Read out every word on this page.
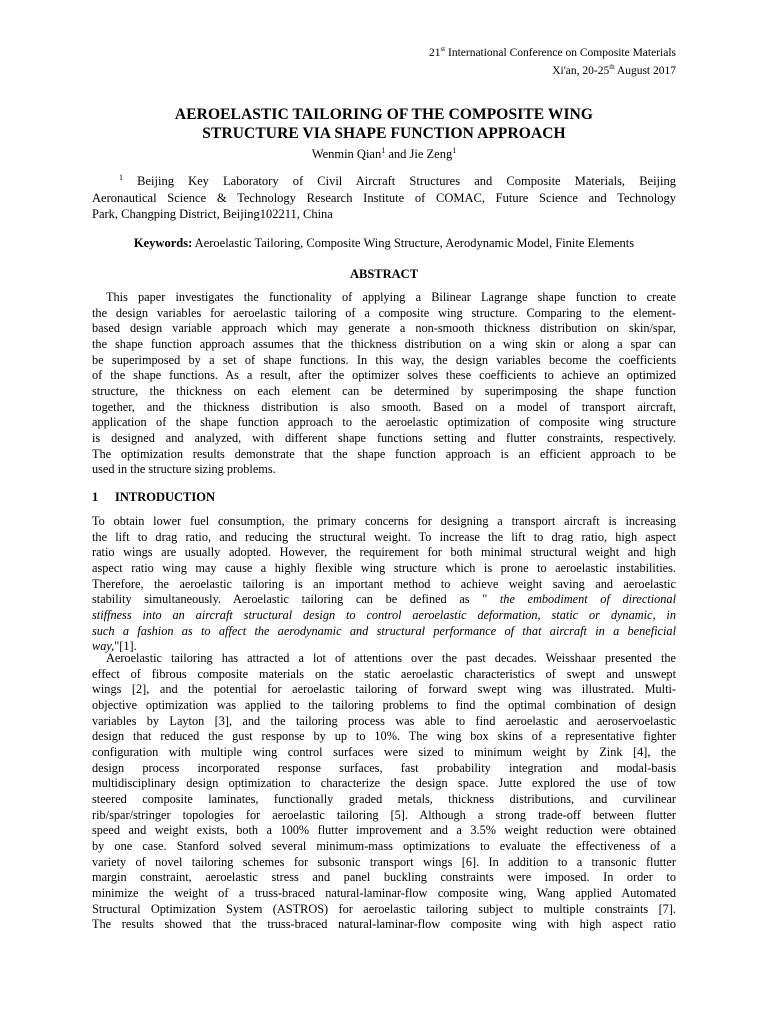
21st International Conference on Composite Materials
Xi'an, 20-25th August 2017
AEROELASTIC TAILORING OF THE COMPOSITE WING
STRUCTURE VIA SHAPE FUNCTION APPROACH
Wenmin Qian$^1$ and Jie Zeng$^1$
$^1$ Beijing Key Laboratory of Civil Aircraft Structures and Composite Materials, Beijing
Aeronautical Science & Technology Research Institute of COMAC, Future Science and Technology
Park, Changping District, Beijing102211, China
Keywords: Aeroelastic Tailoring, Composite Wing Structure, Aerodynamic Model, Finite Elements
ABSTRACT
This paper investigates the functionality of applying a Bilinear Lagrange shape function to create
the design variables for aeroelastic tailoring of a composite wing structure. Comparing to the element-
based design variable approach which may generate a non-smooth thickness distribution on skin/spar,
the shape function approach assumes that the thickness distribution on a wing skin or along a spar can
be superimposed by a set of shape functions. In this way, the design variables become the coefficients
of the shape functions. As a result, after the optimizer solves these coefficients to achieve an optimized
structure, the thickness on each element can be determined by superimposing the shape function
together, and the thickness distribution is also smooth. Based on a model of transport aircraft,
application of the shape function approach to the aeroelastic optimization of composite wing structure
is designed and analyzed, with different shape functions setting and flutter constraints, respectively.
The optimization results demonstrate that the shape function approach is an efficient approach to be
used in the structure sizing problems.
1 INTRODUCTION
To obtain lower fuel consumption, the primary concerns for designing a transport aircraft is increasing
the lift to drag ratio, and reducing the structural weight. To increase the lift to drag ratio, high aspect
ratio wings are usually adopted. However, the requirement for both minimal structural weight and high
aspect ratio wing may cause a highly flexible wing structure which is prone to aeroelastic instabilities.
Therefore, the aeroelastic tailoring is an important method to achieve weight saving and aeroelastic
stability simultaneously. Aeroelastic tailoring can be defined as " the embodiment of directional
stiffness into an aircraft structural design to control aeroelastic deformation, static or dynamic, in
such a fashion as to affect the aerodynamic and structural performance of that aircraft in a beneficial
way,"[1].
Aeroelastic tailoring has attracted a lot of attentions over the past decades. Weisshaar presented the
effect of fibrous composite materials on the static aeroelastic characteristics of swept and unswept
wings [2], and the potential for aeroelastic tailoring of forward swept wing was illustrated. Multi-
objective optimization was applied to the tailoring problems to find the optimal combination of design
variables by Layton [3], and the tailoring process was able to find aeroelastic and aeroservoelastic
design that reduced the gust response by up to 10%. The wing box skins of a representative fighter
configuration with multiple wing control surfaces were sized to minimum weight by Zink [4], the
design process incorporated response surfaces, fast probability integration and modal-basis
multidisciplinary design optimization to characterize the design space. Jutte explored the use of tow
steered composite laminates, functionally graded metals, thickness distributions, and curvilinear
rib/spar/stringer topologies for aeroelastic tailoring [5]. Although a strong trade-off between flutter
speed and weight exists, both a 100% flutter improvement and a 3.5% weight reduction were obtained
by one case. Stanford solved several minimum-mass optimizations to evaluate the effectiveness of a
variety of novel tailoring schemes for subsonic transport wings [6]. In addition to a transonic flutter
margin constraint, aeroelastic stress and panel buckling constraints were imposed. In order to
minimize the weight of a truss-braced natural-laminar-flow composite wing, Wang applied Automated
Structural Optimization System (ASTROS) for aeroelastic tailoring subject to multiple constraints [7].
The results showed that the truss-braced natural-laminar-flow composite wing with high aspect ratio
